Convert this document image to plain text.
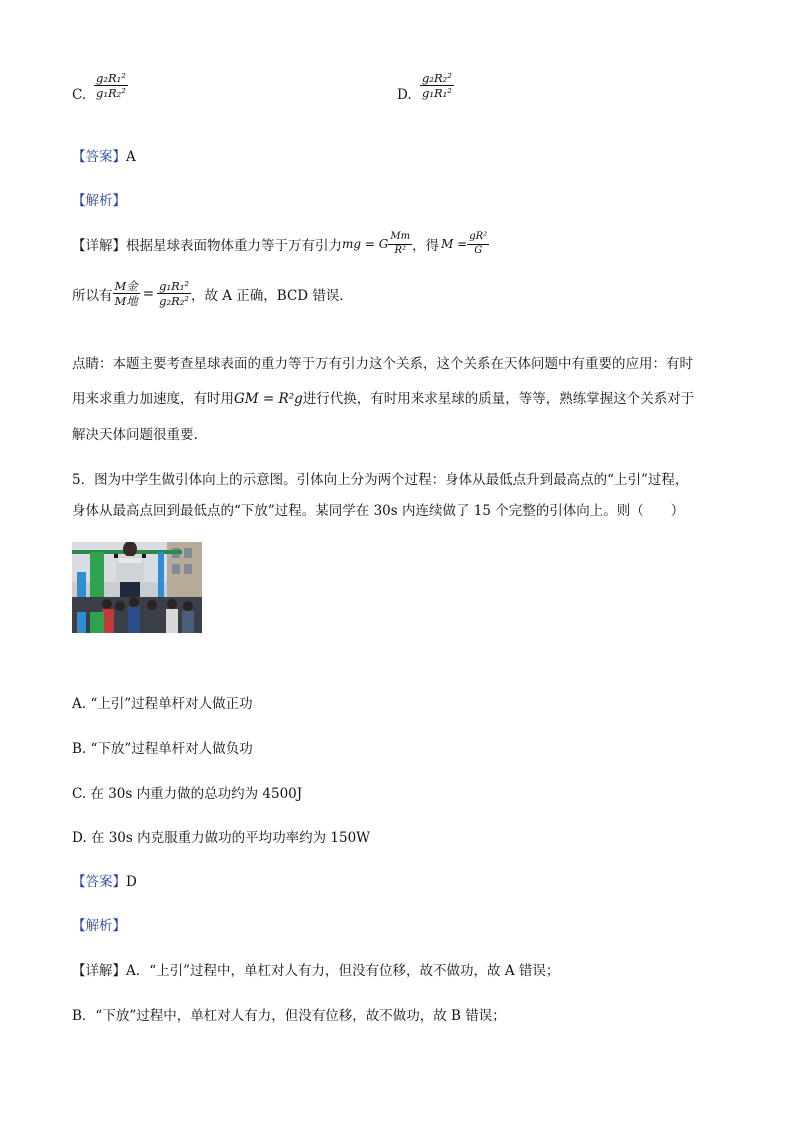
C. $\frac{\text{g₂R₁²}}{\text{g₁R₂²}}$	D. $\frac{\text{g₂R₂²}}{\text{g₁R₁²}}$
【答案】A
【解析】
【详解】 根据星球表面物体重力等于万有引力 mg = G $\frac{Mm}{\text{R²}}$ ，得 $M = \frac{\text{gR²}}{G}$
所以有 $\frac{\text{M金}}{\text{M地}} = \frac{\text{g₁R₁²}}{\text{g₂R₂²}}$ ，故 A 正确，BCD 错误．
点睛：本题主要考查星球表面的重力等于万有引力这个关系，这个关系在天体问题中有重要的应用：有时
用来求重力加速度，有时用GM = R²g进行代换，有时用来求星球的质量，等等，熟练掌握这个关系对于
解决天体问题很重要.
5．图为中学生做引体向上的示意图。引体向上分为两个过程：身体从最低点升到最高点的“上引”过程，
身体从最高点回到最低点的“下放”过程。某同学在 30s 内连续做了 15 个完整的引体向上。则（　　）
A. “上引”过程单杆对人做正功
B. “下放”过程单杆对人做负功
C. 在 30s 内重力做的总功约为 4500J
D. 在 30s 内克服重力做功的平均功率约为 150W
【答案】D
【解析】
【详解】A．“上引”过程中，单杠对人有力，但没有位移，故不做功，故 A 错误；
B．“下放”过程中，单杠对人有力，但没有位移，故不做功，故 B 错误；
